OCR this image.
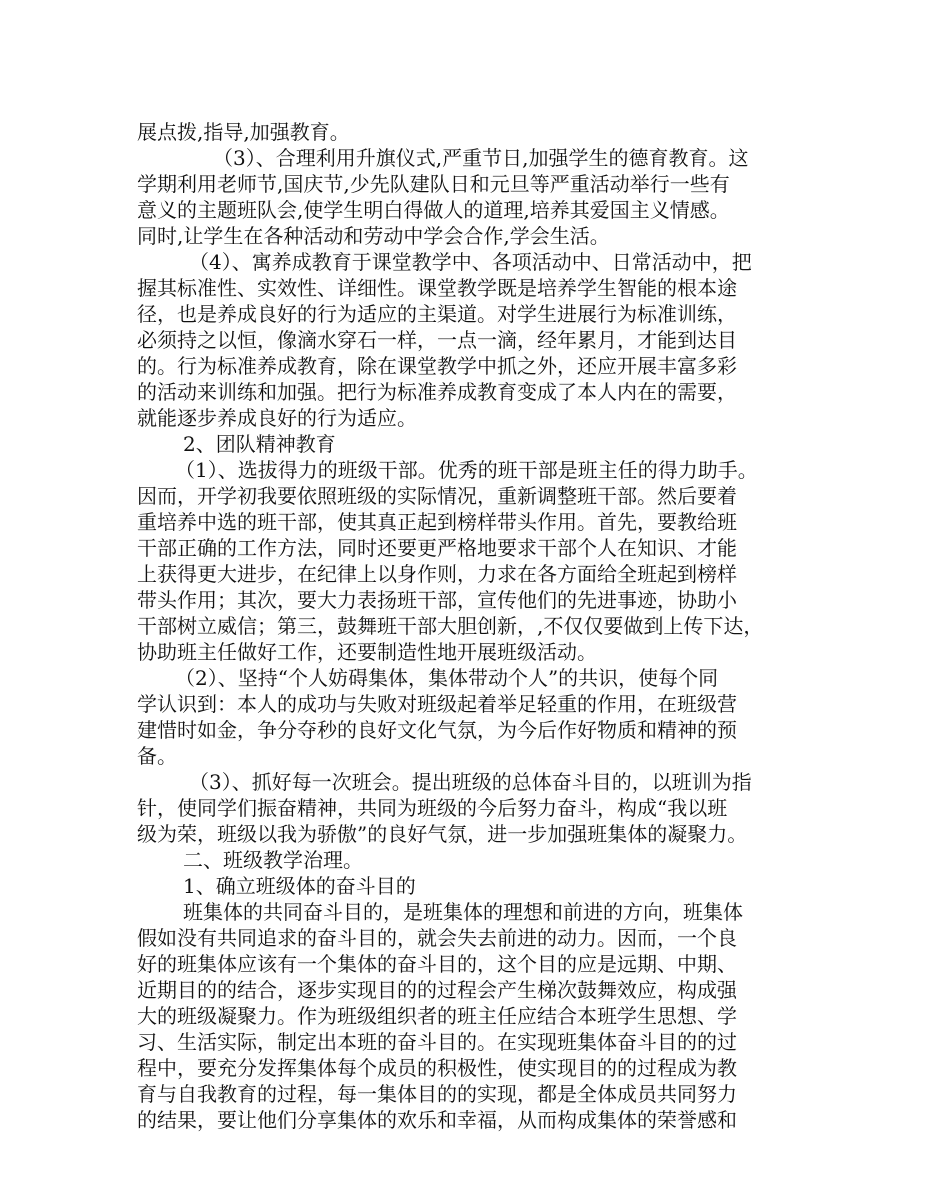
展点拨,指导,加强教育。

（3）、合理利用升旗仪式,严重节日,加强学生的德育教育。这

学期利用老师节,国庆节,少先队建队日和元旦等严重活动举行一些有

意义的主题班队会,使学生明白得做人的道理,培养其爱国主义情感。

同时,让学生在各种活动和劳动中学会合作,学会生活。

（4）、寓养成教育于课堂教学中、各项活动中、日常活动中，把

握其标准性、实效性、详细性。课堂教学既是培养学生智能的根本途

径，也是养成良好的行为适应的主渠道。对学生进展行为标准训练，

必须持之以恒，像滴水穿石一样，一点一滴，经年累月，才能到达目

的。行为标准养成教育，除在课堂教学中抓之外，还应开展丰富多彩

的活动来训练和加强。把行为标准养成教育变成了本人内在的需要，

就能逐步养成良好的行为适应。

2、团队精神教育

（1）、选拔得力的班级干部。优秀的班干部是班主任的得力助手。

因而，开学初我要依照班级的实际情况，重新调整班干部。然后要着

重培养中选的班干部，使其真正起到榜样带头作用。首先，要教给班

干部正确的工作方法，同时还要更严格地要求干部个人在知识、才能

上获得更大进步，在纪律上以身作则，力求在各方面给全班起到榜样

带头作用；其次，要大力表扬班干部，宣传他们的先进事迹，协助小

干部树立威信；第三，鼓舞班干部大胆创新，,不仅仅要做到上传下达，

协助班主任做好工作，还要制造性地开展班级活动。

（2）、坚持“个人妨碍集体，集体带动个人”的共识，使每个同

学认识到：本人的成功与失败对班级起着举足轻重的作用，在班级营

建惜时如金，争分夺秒的良好文化气氛，为今后作好物质和精神的预

备。

（3）、抓好每一次班会。提出班级的总体奋斗目的，以班训为指

针，使同学们振奋精神，共同为班级的今后努力奋斗，构成“我以班

级为荣，班级以我为骄傲”的良好气氛，进一步加强班集体的凝聚力。

二、班级教学治理。

1、确立班级体的奋斗目的

班集体的共同奋斗目的，是班集体的理想和前进的方向，班集体

假如没有共同追求的奋斗目的，就会失去前进的动力。因而，一个良

好的班集体应该有一个集体的奋斗目的，这个目的应是远期、中期、

近期目的的结合，逐步实现目的的过程会产生梯次鼓舞效应，构成强

大的班级凝聚力。作为班级组织者的班主任应结合本班学生思想、学

习、生活实际，制定出本班的奋斗目的。在实现班集体奋斗目的的过

程中，要充分发挥集体每个成员的积极性，使实现目的的过程成为教

育与自我教育的过程，每一集体目的的实现，都是全体成员共同努力

的结果，要让他们分享集体的欢乐和幸福，从而构成集体的荣誉感和
